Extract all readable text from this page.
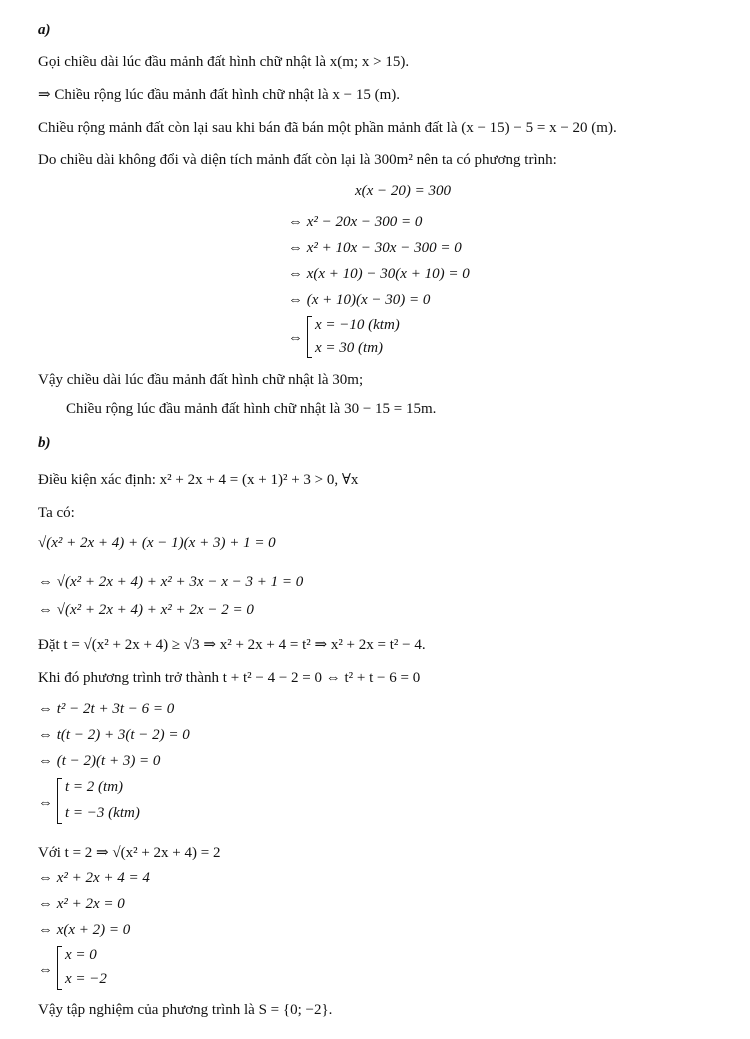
a)
Gọi chiều dài lúc đầu mảnh đất hình chữ nhật là x(m; x > 15).
⇒ Chiều rộng lúc đầu mảnh đất hình chữ nhật là x − 15 (m).
Chiều rộng mảnh đất còn lại sau khi bán đã bán một phần mảnh đất là (x − 15) − 5 = x − 20 (m).
Do chiều dài không đổi và diện tích mảnh đất còn lại là 300m² nên ta có phương trình:
x(x − 20) = 300
⇔ x² − 20x − 300 = 0
⇔ x² + 10x − 30x − 300 = 0
⇔ x(x + 10) − 30(x + 10) = 0
⇔ (x + 10)(x − 30) = 0
⇔
x = −10 (ktm)
x = 30 (tm)
Vậy chiều dài lúc đầu mảnh đất hình chữ nhật là 30m;
Chiều rộng lúc đầu mảnh đất hình chữ nhật là 30 − 15 = 15m.
b)
Điều kiện xác định: x² + 2x + 4 = (x + 1)² + 3 > 0, ∀x
Ta có:
√(x² + 2x + 4) + (x − 1)(x + 3) + 1 = 0
⇔ √(x² + 2x + 4) + x² + 3x − x − 3 + 1 = 0
⇔ √(x² + 2x + 4) + x² + 2x − 2 = 0
Đặt t = √(x² + 2x + 4) ≥ √3 ⇒ x² + 2x + 4 = t² ⇒ x² + 2x = t² − 4.
Khi đó phương trình trở thành t + t² − 4 − 2 = 0 ⇔ t² + t − 6 = 0
⇔ t² − 2t + 3t − 6 = 0
⇔ t(t − 2) + 3(t − 2) = 0
⇔ (t − 2)(t + 3) = 0
⇔
t = 2 (tm)
t = −3 (ktm)
Với t = 2 ⇒ √(x² + 2x + 4) = 2
⇔ x² + 2x + 4 = 4
⇔ x² + 2x = 0
⇔ x(x + 2) = 0
⇔
x = 0
x = −2
Vậy tập nghiệm của phương trình là S = {0; −2}.
